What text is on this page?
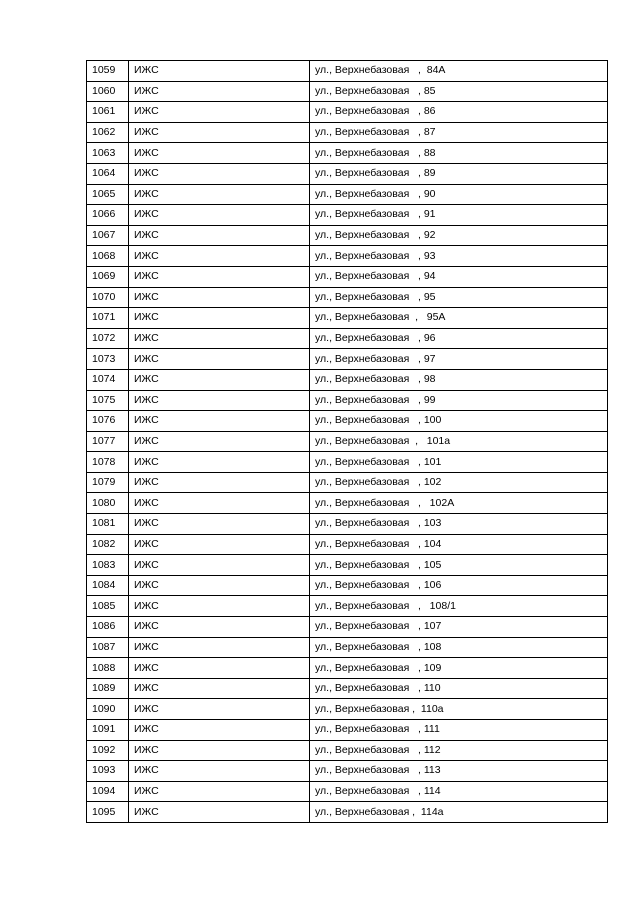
1059	ИЖС	ул., Верхнебазовая   ,  84А
1060	ИЖС	ул., Верхнебазовая   , 85
1061	ИЖС	ул., Верхнебазовая   , 86
1062	ИЖС	ул., Верхнебазовая   , 87
1063	ИЖС	ул., Верхнебазовая   , 88
1064	ИЖС	ул., Верхнебазовая   , 89
1065	ИЖС	ул., Верхнебазовая   , 90
1066	ИЖС	ул., Верхнебазовая   , 91
1067	ИЖС	ул., Верхнебазовая   , 92
1068	ИЖС	ул., Верхнебазовая   , 93
1069	ИЖС	ул., Верхнебазовая   , 94
1070	ИЖС	ул., Верхнебазовая   , 95
1071	ИЖС	ул., Верхнебазовая  ,   95А
1072	ИЖС	ул., Верхнебазовая   , 96
1073	ИЖС	ул., Верхнебазовая   , 97
1074	ИЖС	ул., Верхнебазовая   , 98
1075	ИЖС	ул., Верхнебазовая   , 99
1076	ИЖС	ул., Верхнебазовая   , 100
1077	ИЖС	ул., Верхнебазовая  ,   101а
1078	ИЖС	ул., Верхнебазовая   , 101
1079	ИЖС	ул., Верхнебазовая   , 102
1080	ИЖС	ул., Верхнебазовая   ,   102А
1081	ИЖС	ул., Верхнебазовая   , 103
1082	ИЖС	ул., Верхнебазовая   , 104
1083	ИЖС	ул., Верхнебазовая   , 105
1084	ИЖС	ул., Верхнебазовая   , 106
1085	ИЖС	ул., Верхнебазовая   ,   108/1
1086	ИЖС	ул., Верхнебазовая   , 107
1087	ИЖС	ул., Верхнебазовая   , 108
1088	ИЖС	ул., Верхнебазовая   , 109
1089	ИЖС	ул., Верхнебазовая   , 110
1090	ИЖС	ул., Верхнебазовая ,  110а
1091	ИЖС	ул., Верхнебазовая   , 111
1092	ИЖС	ул., Верхнебазовая   , 112
1093	ИЖС	ул., Верхнебазовая   , 113
1094	ИЖС	ул., Верхнебазовая   , 114
1095	ИЖС	ул., Верхнебазовая ,  114а
